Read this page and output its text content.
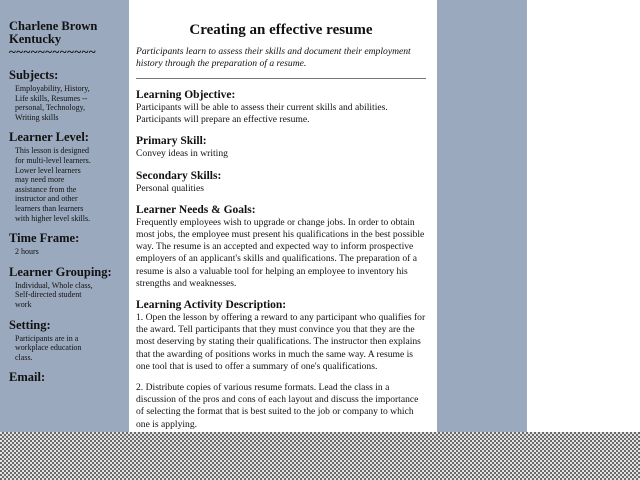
Charlene Brown

Kentucky

~~~~~~~~~~~~

Subjects:

Employability, History, Life skills, Resumes -- personal, Technology, Writing skills

Learner Level:

This lesson is designed for multi-level learners. Lower level learners may need more assistance from the instructor and other learners than learners with higher level skills.

Time Frame:

2 hours

Learner Grouping:

Individual, Whole class, Self-directed student work

Setting:

Participants are in a workplace education class.

Email:

Creating an effective resume

Participants learn to assess their skills and document their employment history through the preparation of a resume.

Learning Objective:

Participants will be able to assess their current skills and abilities. Participants will prepare an effective resume.

Primary Skill:

Convey ideas in writing

Secondary Skills:

Personal qualities

Learner Needs & Goals:

Frequently employees wish to upgrade or change jobs. In order to obtain most jobs, the employee must present his qualifications in the best possible way. The resume is an accepted and expected way to inform prospective employers of an applicant's skills and qualifications. The preparation of a resume is also a valuable tool for helping an employee to inventory his strengths and weaknesses.

Learning Activity Description:

1. Open the lesson by offering a reward to any participant who qualifies for the award. Tell participants that they must convince you that they are the most deserving by stating their qualifications. The instructor then explains that the awarding of positions works in much the same way. A resume is one tool that is used to offer a summary of one's qualifications.

2. Distribute copies of various resume formats. Lead the class in a discussion of the pros and cons of each layout and discuss the importance of selecting the format that is best suited to the job or company to which one is applying.
